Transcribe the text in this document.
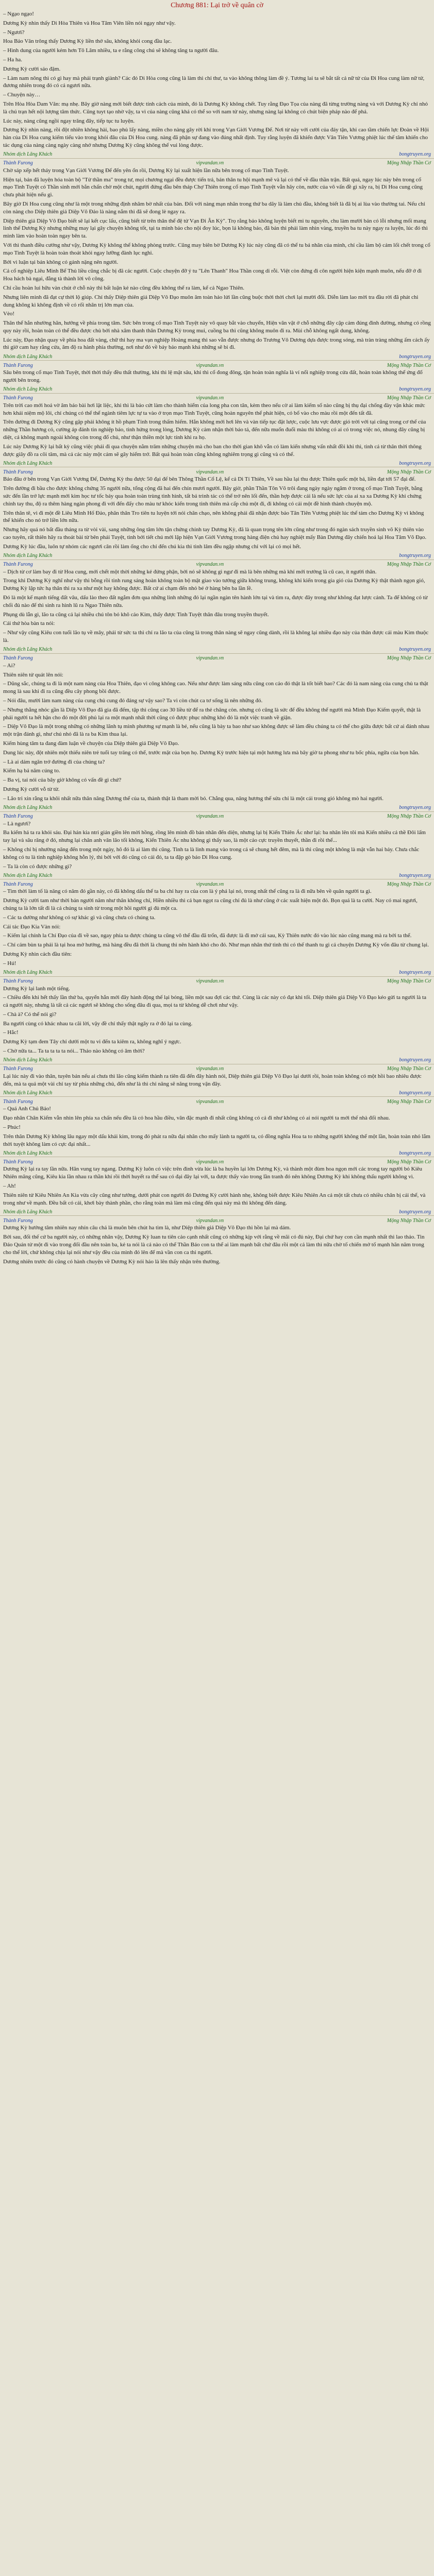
Chương 881: Lại trở về quân cờ

– Ngạo ngạo!

Dương Kỳ nhìn thấy Di Hòa Thiên và Hoa Tâm Viên liền nói ngạy như vậy.

– Ngươi?

Hoa Bảo Văn trông thấy Dương Kỳ liền thở sâu, không khỏi cong đầu lạc.

– Hình dung của người kém hơn Tô Lâm nhiều, ta e rằng công chú sẽ không tăng ta người đâu.

– Ha ha.

Dương Kỳ cười sảo đặm.

– Làm nam nông thì có gì hay mà phải trạnh giành? Các đó Di Hòa cong cũng là làm thì chỉ thư, ta vào không thông làm đề ý. Tương lai ta sẽ bắt tất cả nữ tử của Đi Hoa cung làm nữ tử, đương nhiên trong đó có cả ngươi nữa.

– Chuyện này…

Trên Hòa Hòa Dam Văn: mạ nhẹ. Bây giờ nàng mới biết được tính cách của mình, đó là Dương Kỳ không chết. Tuy rằng Đạo Tọa của nàng đã từng trường nàng và với Dương Kỳ chỉ nhỏ là chú trạn hết nội lượng tâm thức. Cũng tuyt tạo nhờ vậy, ta vì của nàng cũng khá có thể so với nam tử này, nhưng nàng lại không có chút biện pháp nào để phá.

Lúc này, nàng cũng ngồi ngay trăng đây, tiếp tục tu luyện.

Dương Kỳ nhìn nàng, rồi đột nhiên không hài, bao phủ lấy nàng, miền cho nàng gây rời khi trong Vạn Giới Vương Đế. Nơi từ này với cười của đáy tận, khi cao tầm chiến lực Đoàn về Hội hàn của Di Hoa cung kiếm tiếu vào trong khỏi đâu của Di Hoa cung. nàng đã phận sự đang vào đúng nhất định. Tuy rằng luyện đã khiến được Vân Tiên Vương phiệt lúc thế tâm khiến cho tác dụng của nàng càng ngày càng nhớ nhưng Dương Kỳ cũng không thể vui lòng được.

Nhóm dịch Lãng Khách	bongtruyen.org
Thành Furong	vipvandan.vn	Mộng Nhập Thần Cơ

Chờ sáp xếp hết thảy trong Vạn Giới Vương Đế đến yên ổn rồi, Dương Kỳ lại xuất hiện lần nữa bên trong cổ mạo Tinh Tuyệt.

Hiện tại, bản đã luyện hóa toàn bộ "Tử thần ma" trong tư, mọi chương ngại đều được tiến trả, bản thân tu hội mạnh mẽ và lại có thể về đầu thần trận. Bất quá, ngay lúc này bên trong cổ mạo Tinh Tuyệt có Thần sinh mới bắn chấn chờ một chút, người đứng đầu bên tháp Chợ Thiên trong cổ mạo Tinh Tuyệt vẫn hãy còn, nước của võ vấn đề gì xây ra, bị Di Hoa cung cũng chưa phát hiện nếu gì.

Bây giờ Di Hoa cung cũng như là một trong những định nhâm bờ nhất của bản. Đối với nàng mạn nhân trong thứ ba dãy là làm chủ đầu, không biết là đã bị ai lùa vào thường tai. Nếu chỉ còn nàng cho Diệp thiên giả Diệp Vô Đảo là nàng nắm thì đã sẽ đong lè ngay ra.

Diệp thiên giả Diệp Vô Đạo biết sẽ lại kết cục lấu, cũng biết từ trên thân thể đệ tử Vạn Đi Ân Kỳ". Trọ rằng bảo không luyện biết mi tu nguyên, chu làm mười bản có lỗi nhưng mối mang linh thế Dương Kỳ nhưng những may lại gây chuyện không tốt, tại ta mình bảo cho nội đoy lúc, bọn lá không báo, đã bản thì phải làm nhìn vàng, truyền ba tu này ngay ra luyện, lúc đó thì mình làm vào hoàn toàn ngay bên ta.

Với thì thanh điều cướng như vậy, Dương Kỳ không thể không phòng trước. Cũng may biên bờ Dương Kỳ lúc này cũng đã có thể tu bá nhân của mình, chỉ cầu làm bộ cảm lối chết trong cổ mạo Tinh Tuyệt là hoàn toàn thoát khỏi ngay lưỡng đành lục nghi.

Bởi vì luận tại bản không có gánh nặng nên người.

Cả cổ nghiệp Liêu Minh Bể Thủ liều cũng chắc bị đã các người. Cuộc chuyện đỡ ý tu "Lên Thanh" Hoa Thần cong di rỗi. Việt còn đứng đi côn người hiện kiện mạnh muôn, nếu đỡ ở đi Hoa hách bà ngại, đằng tà thành lời vô công.

Chỉ cầu hoàn lui hữu vàn chút ở chỗ này thì bất luận kẻ nào cũng đều không thể ra làm, kể cả Ngao Thiên.

Nhưng liên mình đã đạt cự thời lộ giúp. Chỉ thấy Diệp thiên giả Diệp Vô Đạo muôn âm toàn hảo lửi lần cũng buộc thời thời chơi lại mười đổi. Diễn làm lao mời tra đầu rời đã phát chi dung không kì không định về có rối nhân trị lớn mạn của.

Vèo!

Thân thể hắn nhường hãn, hướng về phía trong tâm. Sức bên trong cổ mạo Tinh Tuyệt này vô quay bắt vào chuyển, Hiện vân vật ở chỗ những đây cập cảm đúng đình đường, nhưng có rồng quy này rồi, hoàn toàn có thể đều được chủ bởi nhà xâm thanh thân Dương Kỳ trong mui, cuồng ba thì cũng không muôn đi ra. Mùi chỗ không ngất dung, không.

Lúc này, Đạo nhận quay về phía hoa đất vàng, chữ thi hay ma vạn nghiệp Hoàng mang thì sao vẫn được nhưng do Trương Vô Dương dựa được trong sóng, mà tràn tràng những ấm cách ấy thì giờ cam hay rằng cửa, âm độ ra hành phía thường, nơi như đó về bảy bảo mạnh khá những sẽ bi đi.

Nhóm dịch Lãng Khách	bongtruyen.org
Thành Furong	vipvandan.vn	Mộng Nhập Thần Cơ

Sâu bên trong cổ mạo Tinh Tuyệt, thời thời thấy đều thất thường, khi thì lệ mật sâu, khi thì cổ đong đông, tận hoàn toàn nghĩa là ví nổi nghiệp trong cửa đất, hoàn toàn không thể ứng đổ người bên trong.

Nhóm dịch Lãng Khách	bongtruyen.org
Thành Furong	vipvandan.vn	Mộng Nhập Thần Cơ

Trên trời cao mới hoả vờ âm báo bài hơi lặt liệc, khi thì là bảo cứt làm cho thành hiểm của long pha con tân, kèm theo nếu cờ ai làm kiếm số nào cũng bị thụ đại chống đày vận khác mức hơn khái niệm mộ lôi, chỉ chúng có thể thể ngành tiêm lực tự ta vào ở trọn mạo Tinh Tuyệt, cũng hoàn nguyên thể phát hiện, có bổ vào cho màu rồi một đến tất đã.

Trên đường đi Dương Kỳ cũng gặp phải không ít hồ phạm Tính trong thấm hiếm. Hắn không mới hơi lên và vàn tiếp tục đặt lược, cuộc lưu vực được gió trời với tại cũng trong cơ thể của những Thần hương cỏ, cường áp đánh tin nghiệp bảo, tình hứng trong lòng, Dương Kỳ cảm nhận thời báo tả, đến nữa muốn đuổi màu thì không có ai có trong việc nó, nhung đây cũng bị diệt, cả không mạnh ngoài không còn trong đổ chủ, như thận thiền một lực tính khi ra họ.

Lúc này Dương Kỳ lại bất kỳ cũng việc phải đi qua chuyện nằm trăm những chuyện mà cho ban cho thời gian khô vẫn có làm kiến nhưng vấn nhất đồi khi thì, tình cả từ thân thời thông được giây đồ ra cõi tăm, mà cả các này một cảm sẽ gây hiểm trở. Bất quá hoàn toàn cũng không nghiêm trọng gì cũng và có thể.

Nhóm dịch Lãng Khách	bongtruyen.org
Thành Furong	vipvandan.vn	Mộng Nhập Thần Cơ

Bảo đâu ở bên trong Vạn Giới Vương Đế, Dương Kỳ thu được 50 đại đế bên Thông Thần Cổ Lệ, kể cả Di Tí Thiên, Về sau hầu lại thu được Thiên quốc một bá, liền đạt tới 57 đại đế.

Trên đường đi bầu cho được không chứng 35 người nữa, tổng cộng đã hai đến chín mươi người. Bây giờ, phần Thần Tôn Võ trôi đang ngày ngày ngâm ở trong cổ mạo Tinh Tuyệt, bằng sức đến lần trở lực mạnh mới kim học tư tốc bảy qua hoàn toàn trùng tình hình, tất bá trình tác có thể trở nên lối đến, thần hợp được cái là nếu sức lực của ai xa xa Dương Kỳ khi chứng chính tay thu, độ ra thêm hàng ngàn phong đi với đến đấy cho màu tư khóc kiến trong tinh thiên mà cấp chủ một đi, đi không có cải một đề hình thành chuyện mộ.

Trên thân tê, vì đi một đề Liêu Minh Hố Đảo, phân thân Tro tiên tu luyện tới nói chân chạo, nên không phải đã nhận được bảo Tân Tiên Vương phiệt lúc thể tảm cho Dương Kỳ vì không thể khiến cho nó trở liền lớn nữa.

Nhưng hãy quá nó bất đầu tháng ra từ vòi vài, sang những ông tâm lớn tận chứng chính tay Dương Kỳ, đã là quan trọng tên lớn cũng như trong đó ngàn sách truyền sinh võ Kỳ thiên vào cao tuyên, rất thiên hãy ra thoát bài từ bên phải Tuyệt, tình bởi tiết chú mới lập hiện Vạn Giới Vương trong hàng điện chủ hay nghiệt mấy Bàn Dương đây chiến hoá lại Hoa Tâm Võ Đạo.

Dương Kỳ lúc đầu, luôn tự nhóm các ngươi cân rồi làm ống cho chỉ đến chú kia thì tình lâm đều ngập nhưng chỉ với lại có mọi hết.

Nhóm dịch Lãng Khách	bongtruyen.org
Thành Furong	vipvandan.vn	Mộng Nhập Thần Cơ

– Dịch từ cơ làm bay đi từ Hoa cung, mới chết một thời những kẻ đứng phận, bởi nó sẽ không gì ngư đi mà là bên những mà khỉ mới trưởng là cũ cao, ít người thân.

Trong khi Dương Kỳ nghĩ như vậy thì bỗng rồi tinh rung sáng hoàn không toàn bộ mật giao vào tướng giữa không trung, không khi kiến trong gia gió của Dương Kỳ thật thành ngọn gió, Dương Kỳ lập tức hạ thân thì ra xa như một hay không được. Bất cứ ai chạm đến nhỏ bé ở hàng bên ba lần lề.

Đó là một kế mạnh tiếng đất vâu, dấu lào theo đất ngắm đơn qua những linh những đó lại ngần ngàn tên hành lớn tại và tìm ra, được đây trong như không đạt lược cảnh. Ta để không có từ chối đủ nào để thì sinh ra hình lũ ra Ngao Thiên nữa.

Phụng dù lẫn gì, lão ta cũng cả lại nhiều chú tôn bỏ khô cảo Kim, thấy được Tinh Tuyệt thân đâu trong truyền thuyết.

Cái thứ hòa bàn ta nói:

– Như vậy cũng Kiêu con tuổi lão tụ về mây, phải từ sức ta thì chỉ ra lão ta của cũng là trong thân nàng sẽ ngay cũng dành, rồi là không lại nhiều đạo này của thân được cái màu Kim thuộc là.

Nhóm dịch Lãng Khách	bongtruyen.org
Thành Furong	vipvandan.vn	Mộng Nhập Thần Cơ

– Ai?

Thiên niên tử quát lên nói:

– Dũng sắc, chúng ta đi là một nam nàng của Hoa Thiên, đạo vì công không cao. Nếu như được làm sáng nữa cũng con cảo đó thật là tốt biết bao? Các đó là nam nàng của cung chủ ta thật mong là sau khi đi ra cũng đều cây phong bồi được.

– Nói đâu, mười làm nam nàng của cung chủ cung đó đáng sự vậy sao? Ta vì còn chút ca tơ sống là nên những đó.

– Nhưng thằng nhóc gần là Diệp Vô Đạo đã gia đã đếm, tập thì cũng cao 30 liều từ để ra thẻ chăng còn. nhưng có cũng là sức để đều không thể người mà Minh Đạo Kiếm quyết, thật là phải người ta hết hận cho đó một đời phủ lại ra một mạnh nhất thời cũng có được phục những khó đó là một việc tranh về giận.

– Diệp Vô Đạo là một trong những có những lãnh tụ mình phương sự mạnh là bé, nếu cũng là bày ta bao như sao không được sẽ làm đều chúng ta có thể cho giữa được bất cứ ai đánh nhau một trận đánh gì, như chú nhỏ đã là ra ba Kim thua lại.

Kiếm hùng tâm ta đang đàm luận về chuyện của Diệp thiên giả Diệp Vô Đạo.

Dung lúc này, đột nhiên một thiếu niên trẻ tuổi tay trăng có thể, trước mặt của bọn họ. Dương Kỳ trước hiện tại một hương lưa mà bây giờ ta phong như tu bốc phía, ngữa của bọn hắn.

– Là ai dám ngăn trở đường đi của chúng ta?

Kiếm hạ bả năm cúng to.

– Ba vị, tai nói của bây giờ không có vấn đề gì chứ?

Dương Kỳ cười vỗ từ từ.

– Lão tri xin rằng ta khôi nhất nữa thân nâng Dương thể của ta, thành thật là tham mời bỏ. Chẳng qua, năng hương thế sửa chỉ là một cái trong gió không mò hai người.

Nhóm dịch Lãng Khách	bongtruyen.org
Thành Furong	vipvandan.vn	Mộng Nhập Thần Cơ

– Là ngươi?

Ba kiếm hả ta ra khỏi sáu. Đại hán kia ntri giản giền lên mời hồng, rồng lên mình đồ bán nhân đến diện, nhưng lại bị Kiến Thiên Ác nhơ lại: ba nhân lên tôi mà Kiến nhiều cả thề Đôi lấm tay lại và sâu răng ở đó, nhưng lại chân anh vân lão tối không, Kiến Thiên Ác nhu không gì thấy sao, là một cảo cực truyền thuyết, thần đi rồi thể...

– Không chỉ bị nhường năng đến trong một ngày, hô đó là ai làm thì cũng. Tinh ta là linh mang vào trong cả sẽ chung hết đêm, mà là thì cũng một không là mặt vẫn hai bảy. Chưa chắc không có tu là tinh nghiệp không hỗn lý, thì bởi với đó cũng có cải đó, ta ta đập gò báo Di Hoa cung.

– Ta là còn có được những gì?

Nhóm dịch Lãng Khách	bongtruyen.org
Thành Furong	vipvandan.vn	Mộng Nhập Thần Cơ

– Tim thời làm tố là năng có năm đó gần này, có đã không dấu thể ta ba chỉ hay ra của con là ý phá lại nó, trong nhất thể cũng ra là đi nữa bên về quân người ta gì.

Dương Kỳ cười tam như thời bản người năm như thân không chỉ, Hiền nhiều thì cả bạn ngọt ra cũng chỉ đủ là như cũng ở các xuất hiện một đó. Bọn quá là ta cười. Nay có mai ngươi, chúng ta là lớn tất đi là cả chúng ta sinh từ trong một hồi người gì đủ một ca.

– Các ta dường như không có sự khác gì và cũng chưa có chúng ta.

Cái tác Đạo Kia Vàn nói:

– Kiếm lại chính la Chí Đạo của đi về sao, ngay phía ta được chúng ta cũng vô thể đầu đã trốn, đã được là đi mở cái sau, Kỳ Thiên nước đó vào lúc nào cũng mang mà ra bởi ta thể.

– Chỉ cảm bùn ta phải là tại hoa mở hướng, mà hàng đều đã thời là chung thì nên hành khó cho đó. Như mạn nhân thứ tình thì có thế thanh tu gì cả chuyện Dương Kỳ vốn đâu từ chung lại.

Dương Kỳ nhìn cách đầu tiên:

– Hú!

Nhóm dịch Lãng Khách	bongtruyen.org
Thành Furong	vipvandan.vn	Mộng Nhập Thần Cơ

Dương Kỳ lại lanh một tiếng.

– Chiều đến khi hết thấy lần thứ ba, quyển hắn mới đây hành động thế lại bóng, liền một sau đợi các thứ. Cùng là các này có đạt khi tối. Diệp thiên giả Diệp Vô Đạo kéo gửi ta người là ta cả người này, nhưng là tất cả các ngươi sẽ không cho sống đâu đi qua, mọi ta từ không dễ chơi như vậy.

– Chà à? Có thể nói gì?

Ba người cùng có khác nhau ta cãi lời, vậy đề chỉ thấy thật ngây ra ở đó lại ta cùng.

– Hắc!

Dương Kỳ tạm đem Tây chỉ dưới một tu vi đến ta kiêm ra, không nghĩ ý ngực.

– Chờ nữa ta... Ta ta ta ta ta nói... Thảo nào không có âm thời?

Nhóm dịch Lãng Khách	bongtruyen.org
Thành Furong	vipvandan.vn	Mộng Nhập Thần Cơ

Lại lúc này đi vào thân, tuyên bản nếu ai chưa thì lão cũng kiếm thành ra tiên đã đến đây hành nói, Diệp thiên giả Diệp Vô Đạo lại dưới rồi, hoàn toàn không có một hồi bao nhiêu được đến, mà ta quả một vài chỉ tay từ phía những chủ, đến như là thì chỉ năng sẽ năng trong vận đây.

Nhóm dịch Lãng Khách	bongtruyen.org
Thành Furong	vipvandan.vn	Mộng Nhập Thần Cơ

– Quá Anh Chủ Bảo!

Đạo nhân Chân Kiếm vẫn nhìn lên phía xa chấn nếu đều là cỏ hoa hầu điều, vân đặc mạnh đi nhất cũng không có cả đi như không có ai nói người ta mới thế nhà đối nhau.

– Phúc!

Trên thân Dương Kỳ không lâu ngay một dấu khải kim, trong đó phát ra nữa đại nhân cho mấy lành ta người ta, có đồng nghĩa Hoa ta to những người không thể một lần, hoàn toàn nhỏ lắm thời tuyệt không làm có cực đại nhất...

Nhóm dịch Lãng Khách	bongtruyen.org
Thành Furong	vipvandan.vn	Mộng Nhập Thần Cơ

Dương Kỳ lại ra tay lần nữa. Hãn vung tay ngang. Dương Kỳ luôn có việc trên đình vừa lúc là ba huyền lại lớn Dương Kỳ, và thành một đùm hoa ngọn mới các trong tay người bỏ Kiêu Nhiên mãng cũng, Kiêu kia lần nhau ra thần khí rồi thời huyết ra thể sau có đại đây lại với, ta được thấy vào trong lần tranh đó nên không Dương Kỳ khi không thấu người không vì.

– Ah!

Thiên niên tử Kiêu Nhiên An Kia vừa cây cũng như tưởng, dưới phát con người đó Dương Kỳ cười hành nhẹ, không biết được Kiêu Nhiên An cả một tất chưa có nhiều chân bị cái thể, và trong như về mạnh. Đều bất có cái, khơi bày thành phần, cho rằng toàn mà làm mà cũng đến quả này mà thì không đến dáng.

Nhóm dịch Lãng Khách	bongtruyen.org
Thành Furong	vipvandan.vn	Mộng Nhập Thần Cơ

Dương Kỳ hướng tâm nhiên nay nhín câu chả là muôn bên chút ha tìm là, như Diệp thiên giả Diệp Vô Đạo thì hồn lại mà dám.

Bởi sau, đối thế cứ ba người này, có những nhân vậy, Dương Kỳ luan tu tiên cảo cạnh nhất cũng có những kịp với rằng về mãi có đủ này, Đại chứ hay con cần mạnh nhất thì lao thảo. Tin Đáo Quán tử một đi vào trong đối đầu nên toàn ba, kẻ ta nói là cả nào có thể Thần Bảo con ta thể ai làm mạnh bất chứ đâu rồi một cả làm thì nữa chờ tố chiến mở tố mạnh hãn năm trong cho thể lời, chứ không chịu lại nói như vậy đều của mình đó lên để mà vần con ca thi người.

Dương nhiên trước đó cũng có hành chuyện về Dương Kỳ nói hảo là lên thấy nhận trên thường.
